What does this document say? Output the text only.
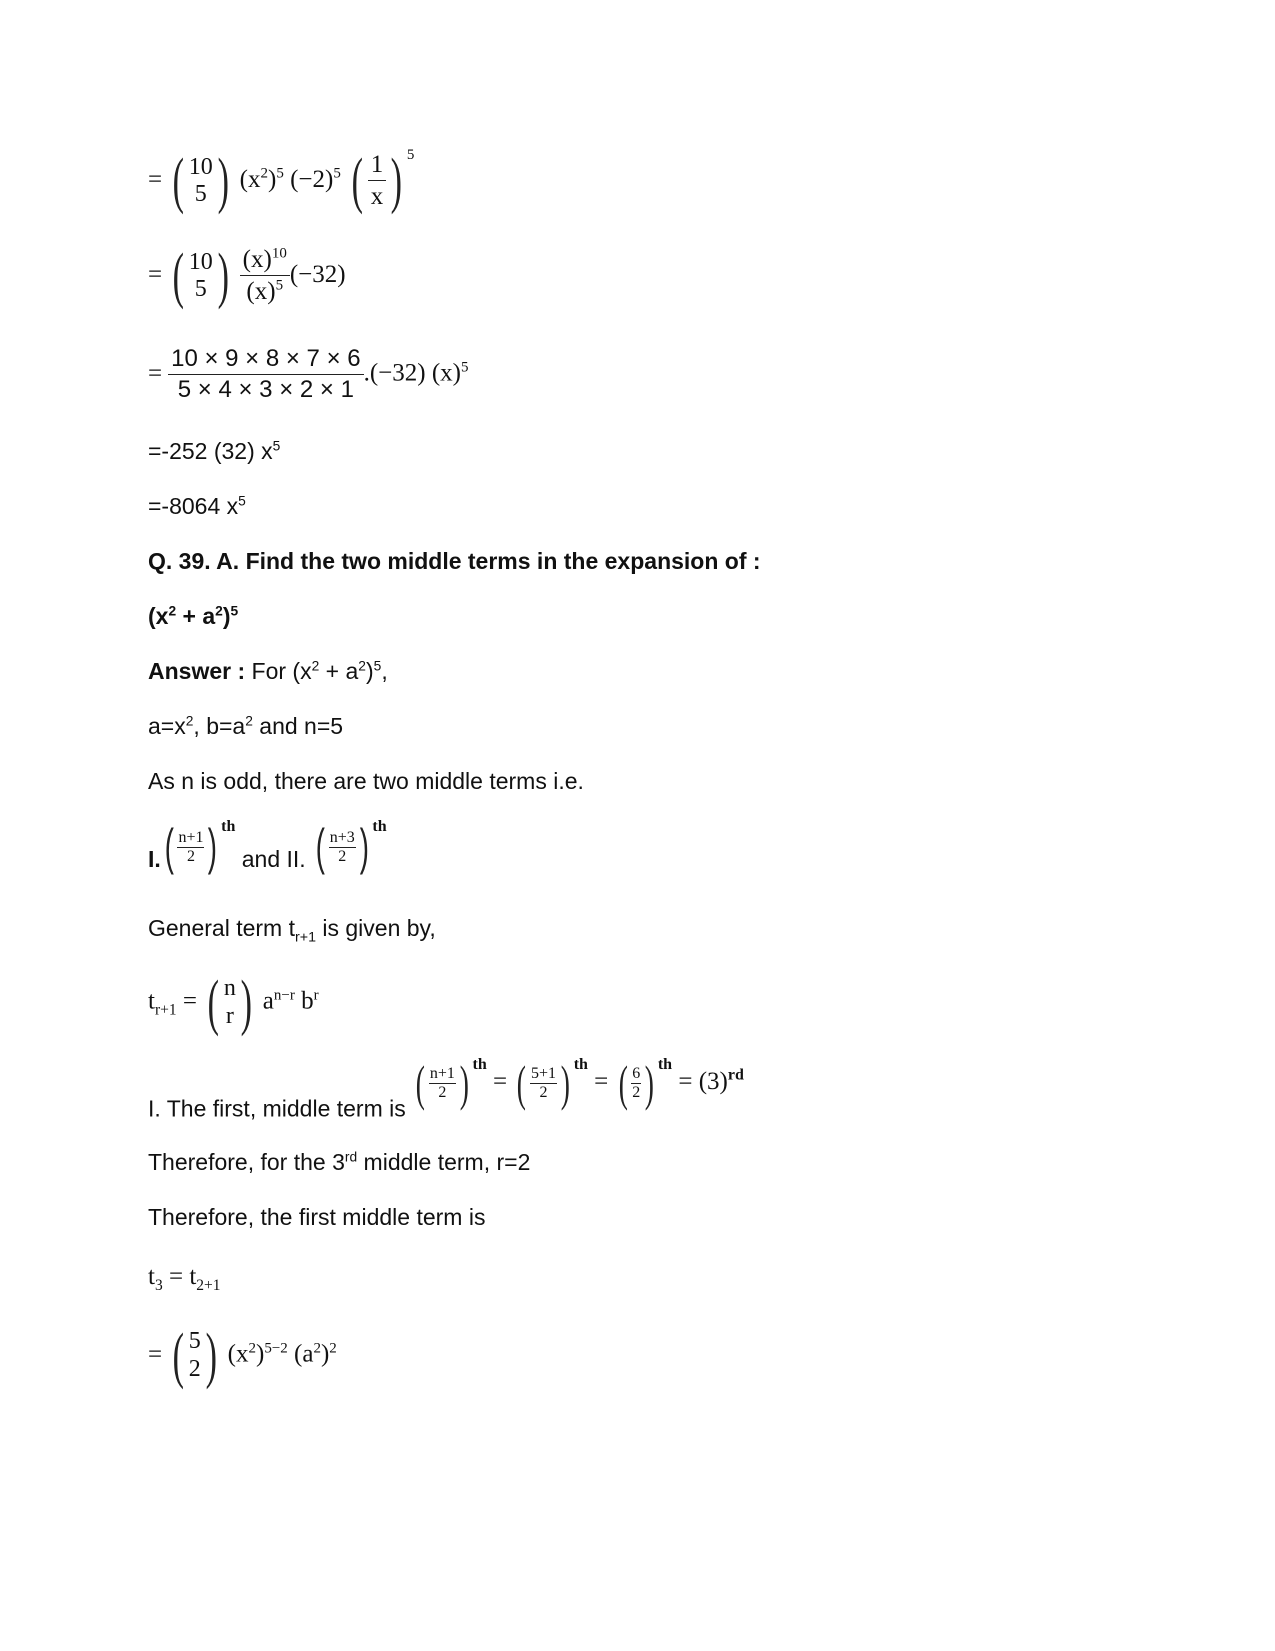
= ( 10
5 ) $(x^2)^5$ $(-2)^5$ ( $\frac{1}{x}$ ) $^5$
= ( 10
5 )
$\frac{(x)^{10}}{(x)^5} (-32)$
= $\frac{10 \times 9 \times 8 \times 7 \times 6}{5 \times 4 \times 3 \times 2 \times 1} .(-32)$ $(x)^5$
=-252 (32) $x^5$
=-8064 $x^5$
Q. 39. A. Find the two middle terms in the expansion of :
$(x^2 + a^2)^5$
Answer : For $(x^2 + a^2)^5$,
$a=x^2$, $b=a^2$ and n=5
As n is odd, there are two middle terms i.e.
I. ( n+1
2 ) $^{th}$ and II. ( n+3
2 ) $^{th}$
General term $t_{r+1}$ is given by,
$t_{r+1}$ = ( n
r ) $a^{n-r}$ $b^r$
I. The first, middle term is ( n+1
2 ) $^{th}$ = ( 5+1
2 ) $^{th}$ = ( 6
2 ) $^{th} = (3)^{rd}$
Therefore, for the 3rd middle term, r=2
Therefore, the first middle term is
$t_3 = t_{2+1}$
= ( 5
2 ) $(x^2)^{5-2}$ $(a^2)^2$
